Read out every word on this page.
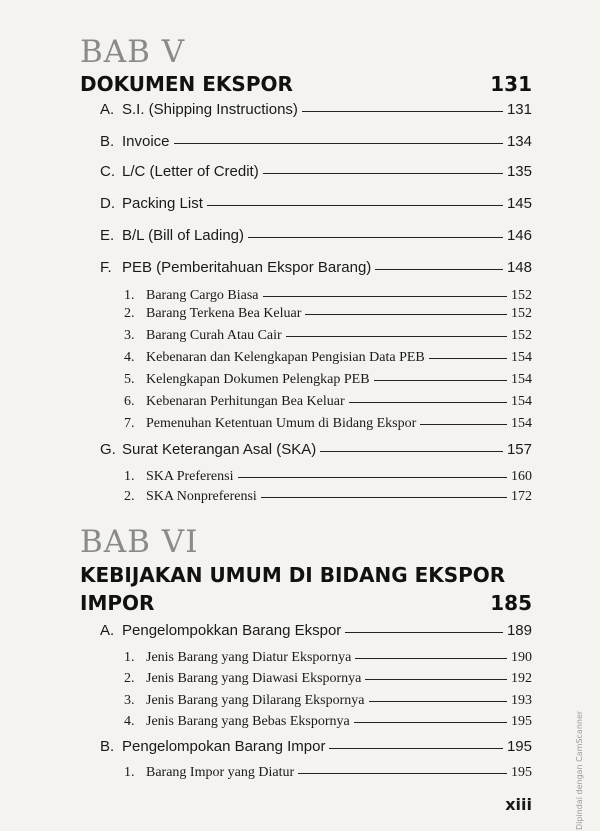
BAB V
DOKUMEN EKSPOR	131
A. S.I. (Shipping Instructions)	131
B. Invoice	134
C. L/C (Letter of Credit)	135
D. Packing List	145
E. B/L (Bill of Lading)	146
F. PEB (Pemberitahuan Ekspor Barang)	148
1. Barang Cargo Biasa	152
2. Barang Terkena Bea Keluar	152
3. Barang Curah Atau Cair	152
4. Kebenaran dan Kelengkapan Pengisian Data PEB	154
5. Kelengkapan Dokumen Pelengkap PEB	154
6. Kebenaran Perhitungan Bea Keluar	154
7. Pemenuhan Ketentuan Umum di Bidang Ekspor	154
G. Surat Keterangan Asal (SKA)	157
1. SKA Preferensi	160
2. SKA Nonpreferensi	172
BAB VI
KEBIJAKAN UMUM DI BIDANG EKSPOR
IMPOR	185
A. Pengelompokkan Barang Ekspor	189
1. Jenis Barang yang Diatur Ekspornya	190
2. Jenis Barang yang Diawasi Ekspornya	192
3. Jenis Barang yang Dilarang Ekspornya	193
4. Jenis Barang yang Bebas Ekspornya	195
B. Pengelompokan Barang Impor	195
1. Barang Impor yang Diatur	195
xiii	Dipindai dengan CamScanner
